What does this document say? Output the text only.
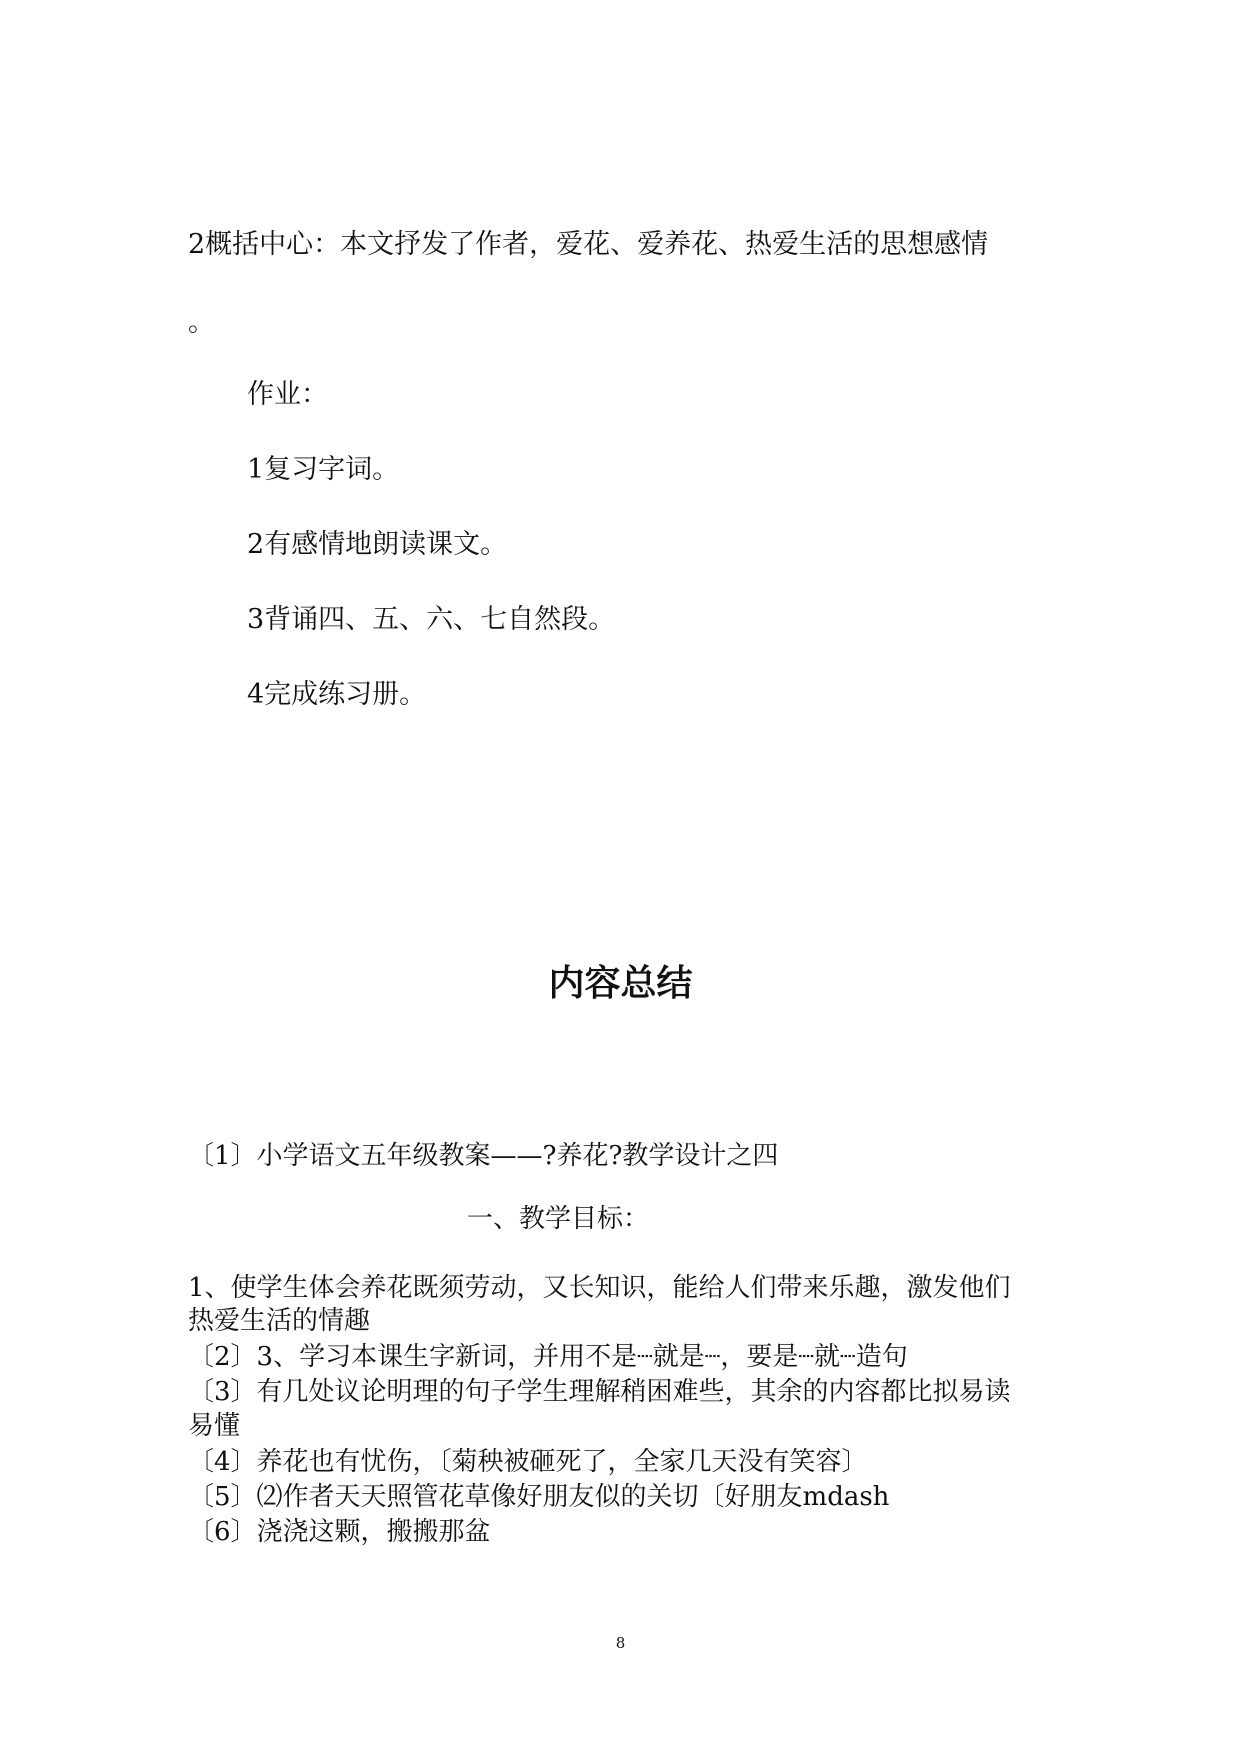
2概括中心：本文抒发了作者，爱花、爱养花、热爱生活的思想感情
。
作业：
1复习字词。
2有感情地朗读课文。
3背诵四、五、六、七自然段。
4完成练习册。
内容总结
〔1〕小学语文五年级教案——?养花?教学设计之四
一、教学目标：
1、使学生体会养花既须劳动，又长知识，能给人们带来乐趣，激发他们
热爱生活的情趣
〔2〕3、学习本课生字新词，并用不是┈就是┈，要是┈就┈造句
〔3〕有几处议论明理的句子学生理解稍困难些，其余的内容都比拟易读
易懂
〔4〕养花也有忧伤，〔菊秧被砸死了，全家几天没有笑容〕
〔5〕⑵作者天天照管花草像好朋友似的关切〔好朋友mdash
〔6〕浇浇这颗，搬搬那盆
8
